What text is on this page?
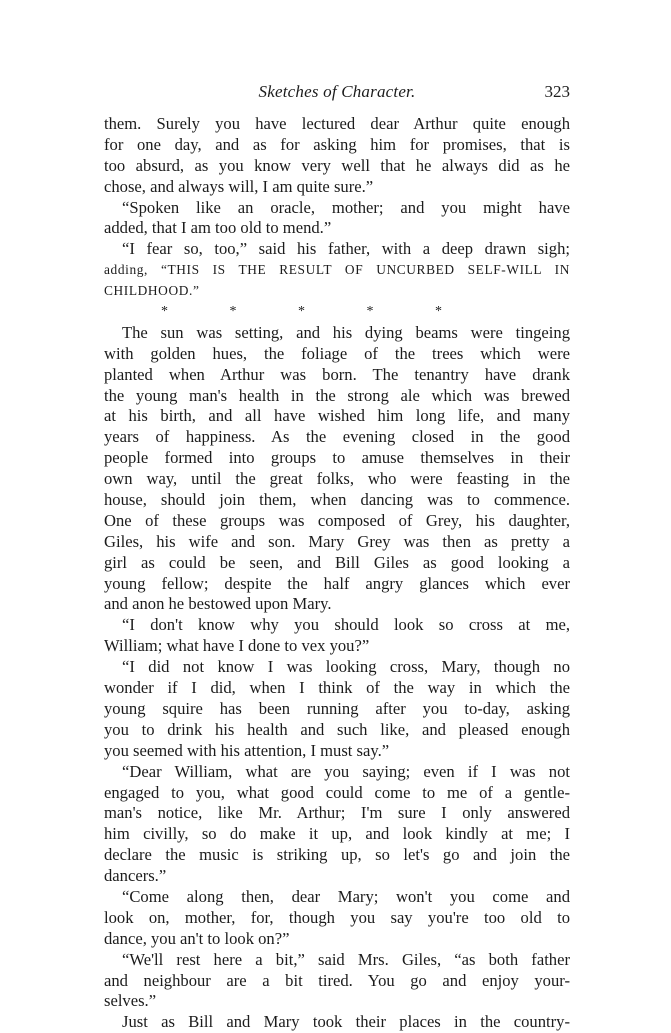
Sketches of Character.	323
them. Surely you have lectured dear Arthur quite enough
for one day, and as for asking him for promises, that is
too absurd, as you know very well that he always did as he
chose, and always will, I am quite sure.”
“Spoken like an oracle, mother; and you might have
added, that I am too old to mend.”
“I fear so, too,” said his father, with a deep drawn sigh;
adding, “THIS IS THE RESULT OF UNCURBED SELF-WILL IN
CHILDHOOD.”
* * * * *
The sun was setting, and his dying beams were tingeing
with golden hues, the foliage of the trees which were
planted when Arthur was born. The tenantry have drank
the young man's health in the strong ale which was brewed
at his birth, and all have wished him long life, and many
years of happiness. As the evening closed in the good
people formed into groups to amuse themselves in their
own way, until the great folks, who were feasting in the
house, should join them, when dancing was to commence.
One of these groups was composed of Grey, his daughter,
Giles, his wife and son. Mary Grey was then as pretty a
girl as could be seen, and Bill Giles as good looking a
young fellow; despite the half angry glances which ever
and anon he bestowed upon Mary.
“I don't know why you should look so cross at me,
William; what have I done to vex you?”
“I did not know I was looking cross, Mary, though no
wonder if I did, when I think of the way in which the
young squire has been running after you to-day, asking
you to drink his health and such like, and pleased enough
you seemed with his attention, I must say.”
“Dear William, what are you saying; even if I was not
engaged to you, what good could come to me of a gentle-
man's notice, like Mr. Arthur; I'm sure I only answered
him civilly, so do make it up, and look kindly at me; I
declare the music is striking up, so let's go and join the
dancers.”
“Come along then, dear Mary; won't you come and
look on, mother, for, though you say you're too old to
dance, you an't to look on?”
“We'll rest here a bit,” said Mrs. Giles, “as both father
and neighbour are a bit tired. You go and enjoy your-
selves.”
Just as Bill and Mary took their places in the country-
